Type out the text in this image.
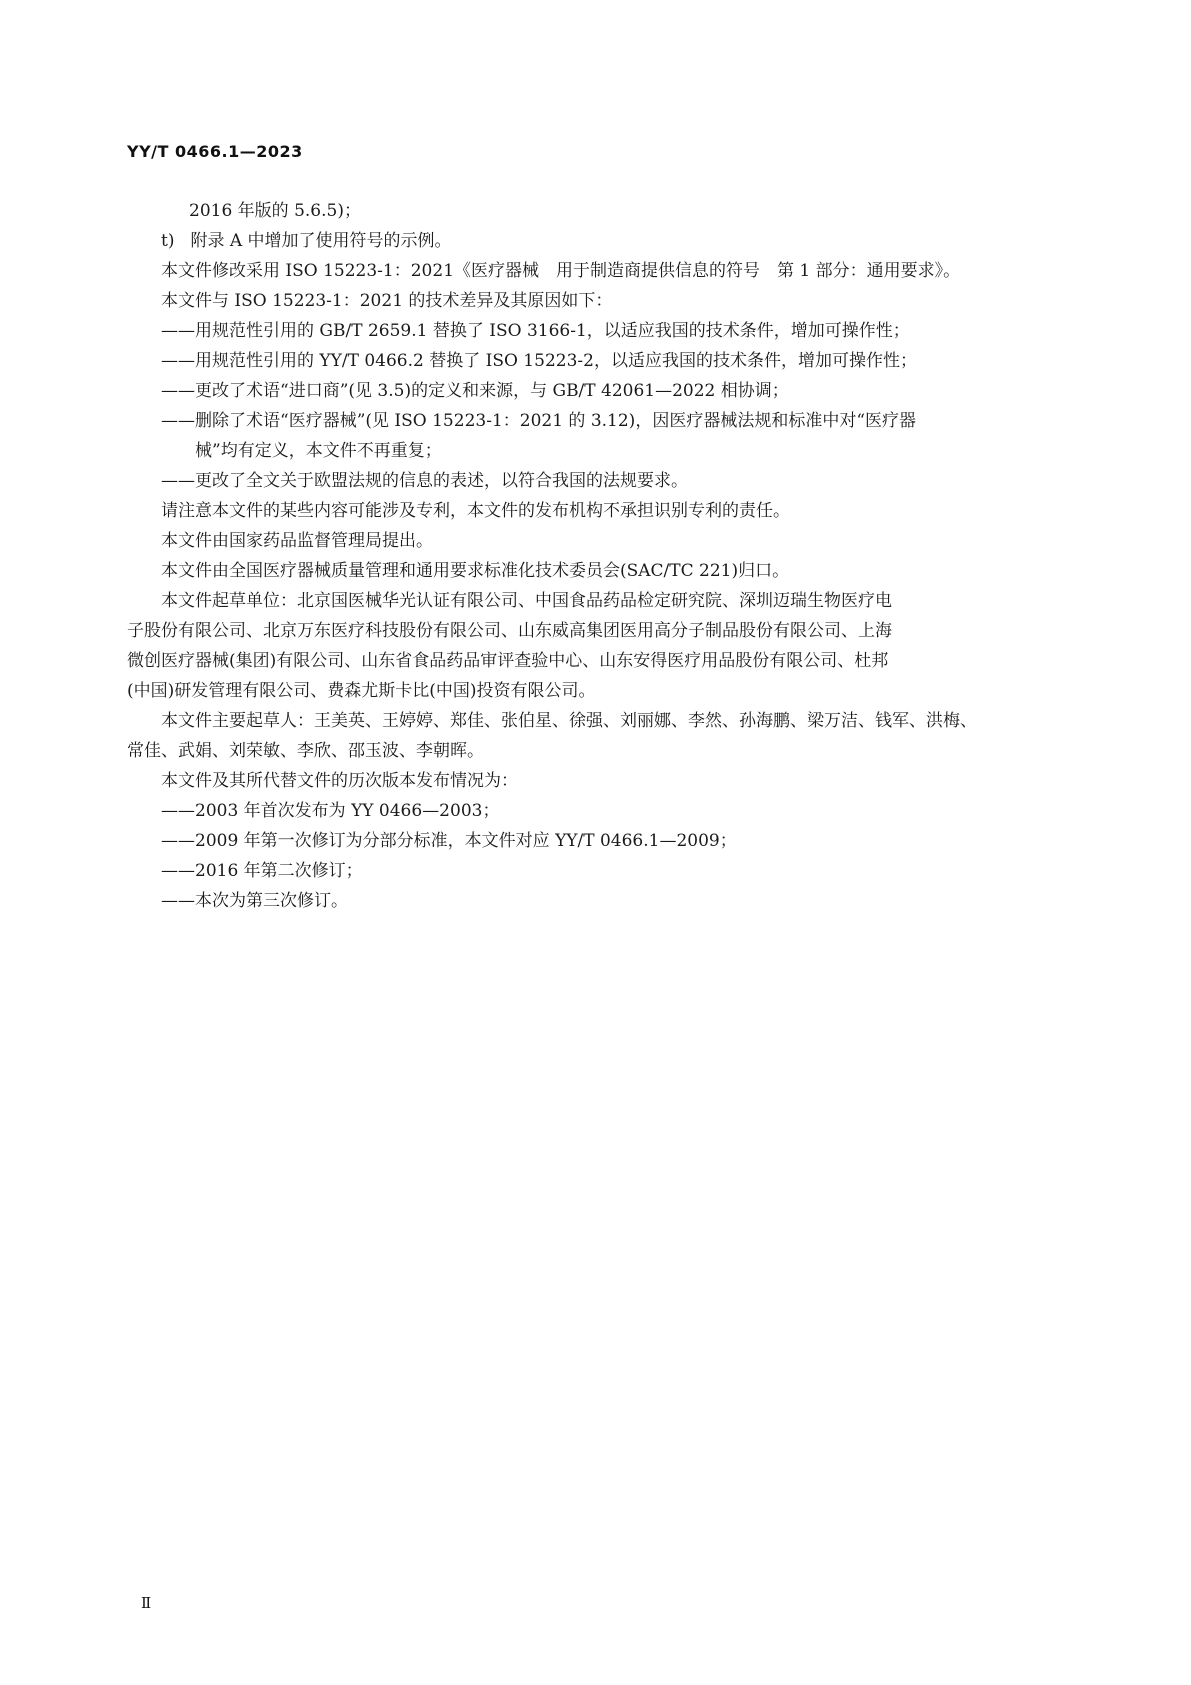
YY/T 0466.1—2023
2016 年版的 5.6.5)；
t) 附录 A 中增加了使用符号的示例。
本文件修改采用 ISO 15223-1：2021《医疗器械　用于制造商提供信息的符号　第 1 部分：通用要求》。
本文件与 ISO 15223-1：2021 的技术差异及其原因如下：
——用规范性引用的 GB/T 2659.1 替换了 ISO 3166-1，以适应我国的技术条件，增加可操作性；
——用规范性引用的 YY/T 0466.2 替换了 ISO 15223-2，以适应我国的技术条件，增加可操作性；
——更改了术语“进口商”(见 3.5)的定义和来源，与 GB/T 42061—2022 相协调；
——删除了术语“医疗器械”(见 ISO 15223-1：2021 的 3.12)，因医疗器械法规和标准中对“医疗器
械”均有定义，本文件不再重复；
——更改了全文关于欧盟法规的信息的表述，以符合我国的法规要求。
请注意本文件的某些内容可能涉及专利，本文件的发布机构不承担识别专利的责任。
本文件由国家药品监督管理局提出。
本文件由全国医疗器械质量管理和通用要求标准化技术委员会(SAC/TC 221)归口。
本文件起草单位：北京国医械华光认证有限公司、中国食品药品检定研究院、深圳迈瑞生物医疗电
子股份有限公司、北京万东医疗科技股份有限公司、山东威高集团医用高分子制品股份有限公司、上海
微创医疗器械(集团)有限公司、山东省食品药品审评查验中心、山东安得医疗用品股份有限公司、杜邦
(中国)研发管理有限公司、费森尤斯卡比(中国)投资有限公司。
本文件主要起草人：王美英、王婷婷、郑佳、张伯星、徐强、刘丽娜、李然、孙海鹏、梁万洁、钱军、洪梅、
常佳、武娟、刘荣敏、李欣、邵玉波、李朝晖。
本文件及其所代替文件的历次版本发布情况为：
——2003 年首次发布为 YY 0466—2003；
——2009 年第一次修订为分部分标准，本文件对应 YY/T 0466.1—2009；
——2016 年第二次修订；
——本次为第三次修订。
Ⅱ
